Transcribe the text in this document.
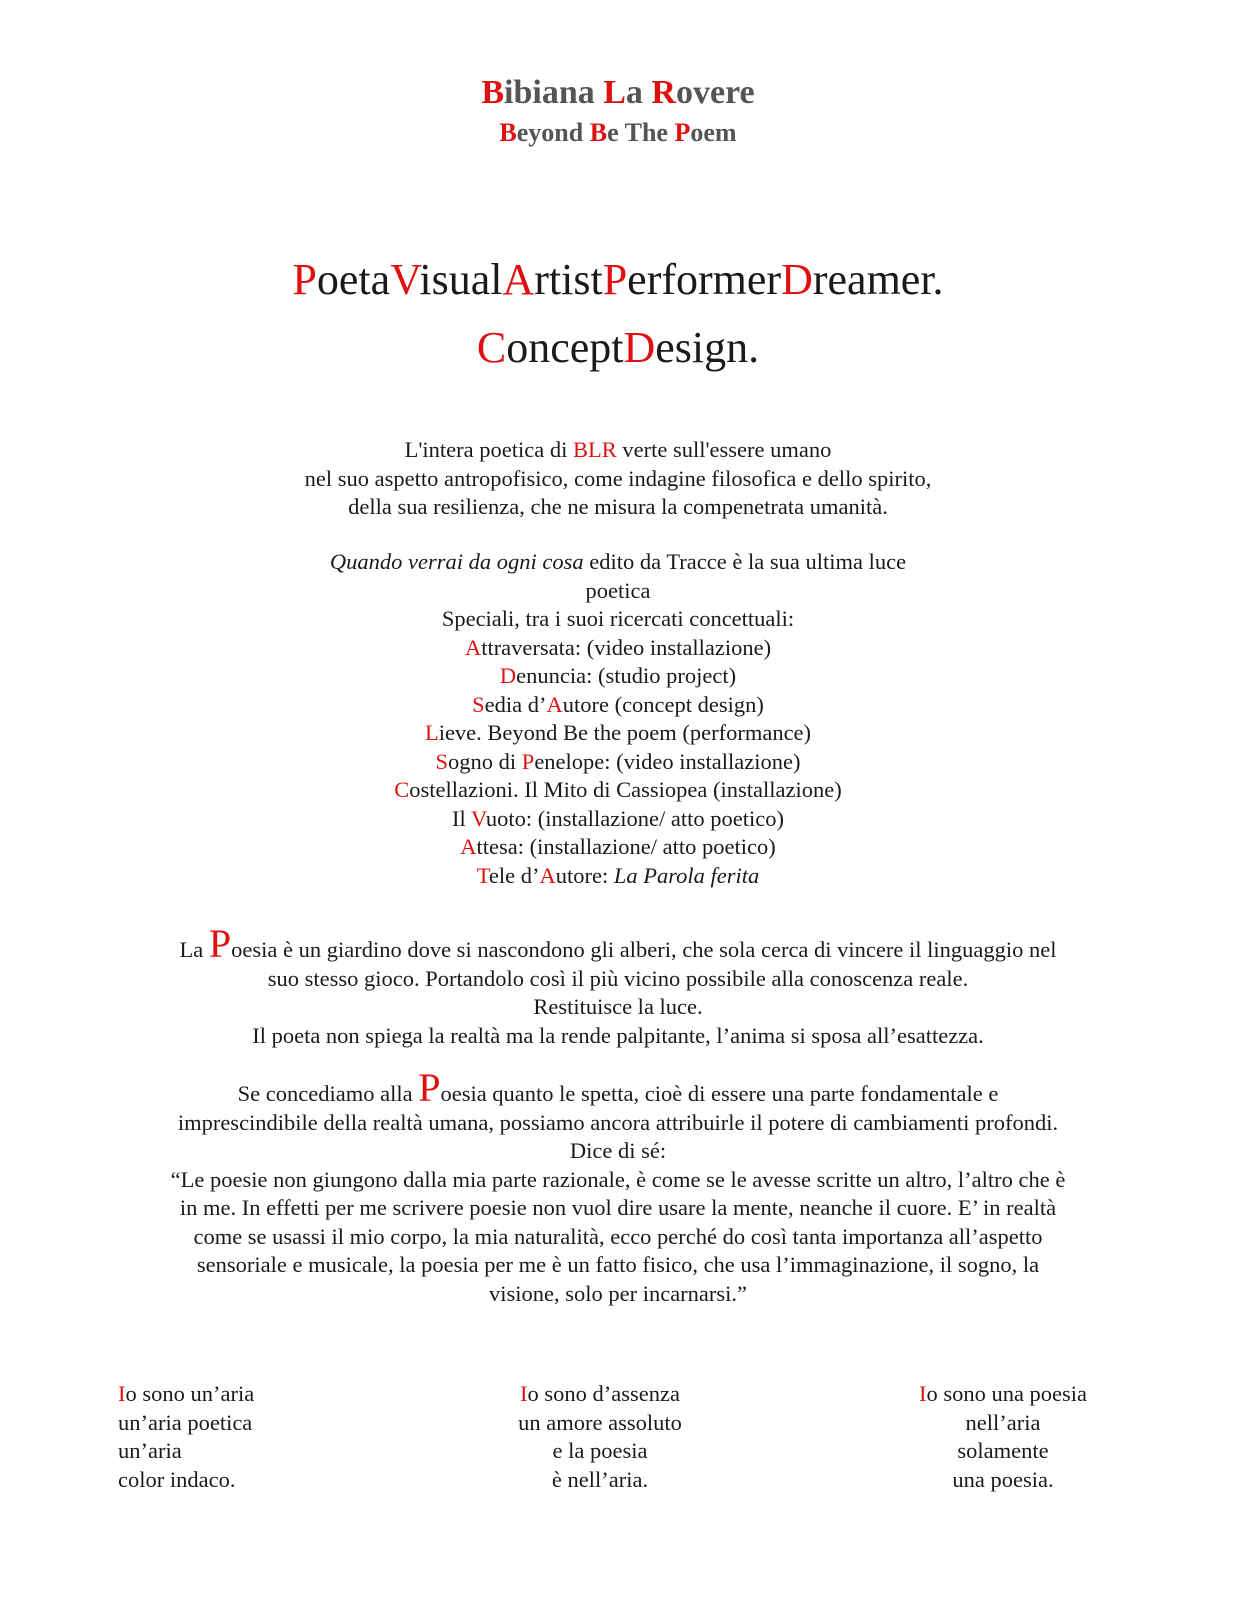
Bibiana La Rovere
Beyond Be The Poem
PoetaVisualArtistPerformerDreamer.
ConceptDesign.
L'intera poetica di BLR verte sull'essere umano
nel suo aspetto antropofisico, come indagine filosofica e dello spirito,
della sua resilienza, che ne misura la compenetrata umanità.
Quando verrai da ogni cosa edito da Tracce è la sua ultima luce
poetica
Speciali, tra i suoi ricercati concettuali:
Attraversata: (video installazione)
Denuncia: (studio project)
Sedia d’Autore (concept design)
Lieve. Beyond Be the poem (performance)
Sogno di Penelope: (video installazione)
Costellazioni. Il Mito di Cassiopea (installazione)
Il Vuoto: (installazione/ atto poetico)
Attesa: (installazione/ atto poetico)
Tele d’Autore: La Parola ferita
La Poesia è un giardino dove si nascondono gli alberi, che sola cerca di vincere il linguaggio nel
suo stesso gioco. Portandolo così il più vicino possibile alla conoscenza reale.
Restituisce la luce.
Il poeta non spiega la realtà ma la rende palpitante, l’anima si sposa all’esattezza.
Se concediamo alla Poesia quanto le spetta, cioè di essere una parte fondamentale e
imprescindibile della realtà umana, possiamo ancora attribuirle il potere di cambiamenti profondi.
Dice di sé:
“Le poesie non giungono dalla mia parte razionale, è come se le avesse scritte un altro, l’altro che è
in me. In effetti per me scrivere poesie non vuol dire usare la mente, neanche il cuore. E’ in realtà
come se usassi il mio corpo, la mia naturalità, ecco perché do così tanta importanza all’aspetto
sensoriale e musicale, la poesia per me è un fatto fisico, che usa l’immaginazione, il sogno, la
visione, solo per incarnarsi.”
Io sono un’aria
un’aria poetica
un’aria
color indaco.
Io sono d’assenza
un amore assoluto
e la poesia
è nell’aria.
Io sono una poesia
nell’aria
solamente
una poesia.
